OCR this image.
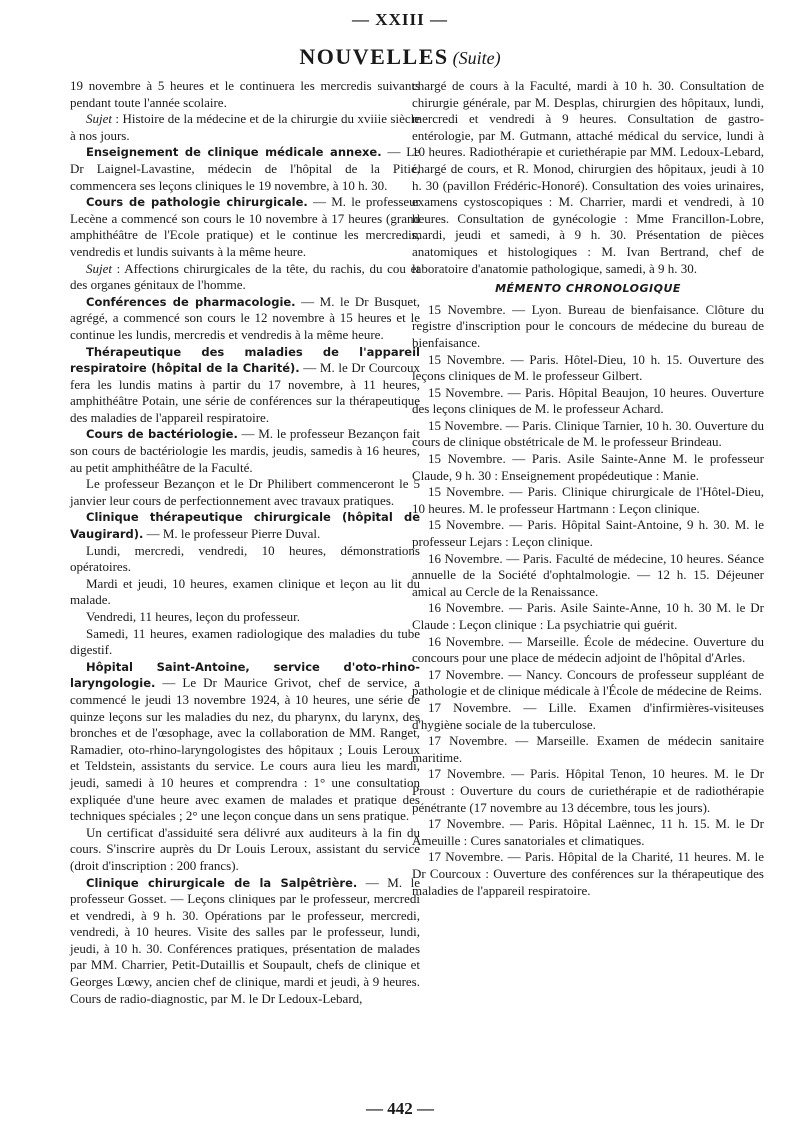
— XXIII —
NOUVELLES (Suite)

19 novembre à 5 heures et le continuera les mercredis suivants pendant toute l'année scolaire.

Sujet : Histoire de la médecine et de la chirurgie du xviiie siècle à nos jours.

Enseignement de clinique médicale annexe. — Le Dr Laignel-Lavastine, médecin de l'hôpital de la Pitié, commencera ses leçons cliniques le 19 novembre, à 10 h. 30.

Cours de pathologie chirurgicale. — M. le professeur Lecène a commencé son cours le 10 novembre à 17 heures (grand amphithéâtre de l'Ecole pratique) et le continue les mercredis, vendredis et lundis suivants à la même heure.

Sujet : Affections chirurgicales de la tête, du rachis, du cou et des organes génitaux de l'homme.

Conférences de pharmacologie. — M. le Dr Busquet, agrégé, a commencé son cours le 12 novembre à 15 heures et le continue les lundis, mercredis et vendredis à la même heure.

Thérapeutique des maladies de l'appareil respiratoire (hôpital de la Charité). — M. le Dr Courcoux fera les lundis matins à partir du 17 novembre, à 11 heures, amphithéâtre Potain, une série de conférences sur la thérapeutique des maladies de l'appareil respiratoire.

Cours de bactériologie. — M. le professeur Bezançon fait son cours de bactériologie les mardis, jeudis, samedis à 16 heures, au petit amphithéâtre de la Faculté.

Le professeur Bezançon et le Dr Philibert commenceront le 5 janvier leur cours de perfectionnement avec travaux pratiques.

Clinique thérapeutique chirurgicale (hôpital de Vaugirard). — M. le professeur Pierre Duval.

Lundi, mercredi, vendredi, 10 heures, démonstrations opératoires.

Mardi et jeudi, 10 heures, examen clinique et leçon au lit du malade.

Vendredi, 11 heures, leçon du professeur.

Samedi, 11 heures, examen radiologique des maladies du tube digestif.

Hôpital Saint-Antoine, service d'oto-rhino-laryngologie. — Le Dr Maurice Grivot, chef de service, a commencé le jeudi 13 novembre 1924, à 10 heures, une série de quinze leçons sur les maladies du nez, du pharynx, du larynx, des bronches et de l'œsophage, avec la collaboration de MM. Ranget, Ramadier, oto-rhino-laryngologistes des hôpitaux ; Louis Leroux et Teldstein, assistants du service. Le cours aura lieu les mardi, jeudi, samedi à 10 heures et comprendra : 1° une consultation expliquée d'une heure avec examen de malades et pratique des techniques spéciales ; 2° une leçon conçue dans un sens pratique.

Un certificat d'assiduité sera délivré aux auditeurs à la fin du cours. S'inscrire auprès du Dr Louis Leroux, assistant du service (droit d'inscription : 200 francs).

Clinique chirurgicale de la Salpêtrière. — M. le professeur Gosset. — Leçons cliniques par le professeur, mercredi et vendredi, à 9 h. 30. Opérations par le professeur, mercredi, vendredi, à 10 heures. Visite des salles par le professeur, lundi, jeudi, à 10 h. 30. Conférences pratiques, présentation de malades par MM. Charrier, Petit-Dutaillis et Soupault, chefs de clinique et Georges Lœwy, ancien chef de clinique, mardi et jeudi, à 9 heures. Cours de radio-diagnostic, par M. le Dr Ledoux-Lebard,

chargé de cours à la Faculté, mardi à 10 h. 30. Consultation de chirurgie générale, par M. Desplas, chirurgien des hôpitaux, lundi, mercredi et vendredi à 9 heures. Consultation de gastro-entérologie, par M. Gutmann, attaché médical du service, lundi à 10 heures. Radiothérapie et curiethérapie par MM. Ledoux-Lebard, chargé de cours, et R. Monod, chirurgien des hôpitaux, jeudi à 10 h. 30 (pavillon Frédéric-Honoré). Consultation des voies urinaires, examens cystoscopiques : M. Charrier, mardi et vendredi, à 10 heures. Consultation de gynécologie : Mme Francillon-Lobre, mardi, jeudi et samedi, à 9 h. 30. Présentation de pièces anatomiques et histologiques : M. Ivan Bertrand, chef de laboratoire d'anatomie pathologique, samedi, à 9 h. 30.

MÉMENTO CHRONOLOGIQUE

15 Novembre. — Lyon. Bureau de bienfaisance. Clôture du registre d'inscription pour le concours de médecine du bureau de bienfaisance.

15 Novembre. — Paris. Hôtel-Dieu, 10 h. 15. Ouverture des leçons cliniques de M. le professeur Gilbert.

15 Novembre. — Paris. Hôpital Beaujon, 10 heures. Ouverture des leçons cliniques de M. le professeur Achard.

15 Novembre. — Paris. Clinique Tarnier, 10 h. 30. Ouverture du cours de clinique obstétricale de M. le professeur Brindeau.

15 Novembre. — Paris. Asile Sainte-Anne M. le professeur Claude, 9 h. 30 : Enseignement propédeutique : Manie.

15 Novembre. — Paris. Clinique chirurgicale de l'Hôtel-Dieu, 10 heures. M. le professeur Hartmann : Leçon clinique.

15 Novembre. — Paris. Hôpital Saint-Antoine, 9 h. 30. M. le professeur Lejars : Leçon clinique.

16 Novembre. — Paris. Faculté de médecine, 10 heures. Séance annuelle de la Société d'ophtalmologie. — 12 h. 15. Déjeuner amical au Cercle de la Renaissance.

16 Novembre. — Paris. Asile Sainte-Anne, 10 h. 30 M. le Dr Claude : Leçon clinique : La psychiatrie qui guérit.

16 Novembre. — Marseille. École de médecine. Ouverture du concours pour une place de médecin adjoint de l'hôpital d'Arles.

17 Novembre. — Nancy. Concours de professeur suppléant de pathologie et de clinique médicale à l'École de médecine de Reims.

17 Novembre. — Lille. Examen d'infirmières-visiteuses d'hygiène sociale de la tuberculose.

17 Novembre. — Marseille. Examen de médecin sanitaire maritime.

17 Novembre. — Paris. Hôpital Tenon, 10 heures. M. le Dr Proust : Ouverture du cours de curiethérapie et de radiothérapie pénétrante (17 novembre au 13 décembre, tous les jours).

17 Novembre. — Paris. Hôpital Laënnec, 11 h. 15. M. le Dr Ameuille : Cures sanatoriales et climatiques.

17 Novembre. — Paris. Hôpital de la Charité, 11 heures. M. le Dr Courcoux : Ouverture des conférences sur la thérapeutique des maladies de l'appareil respiratoire.

— 442 —
